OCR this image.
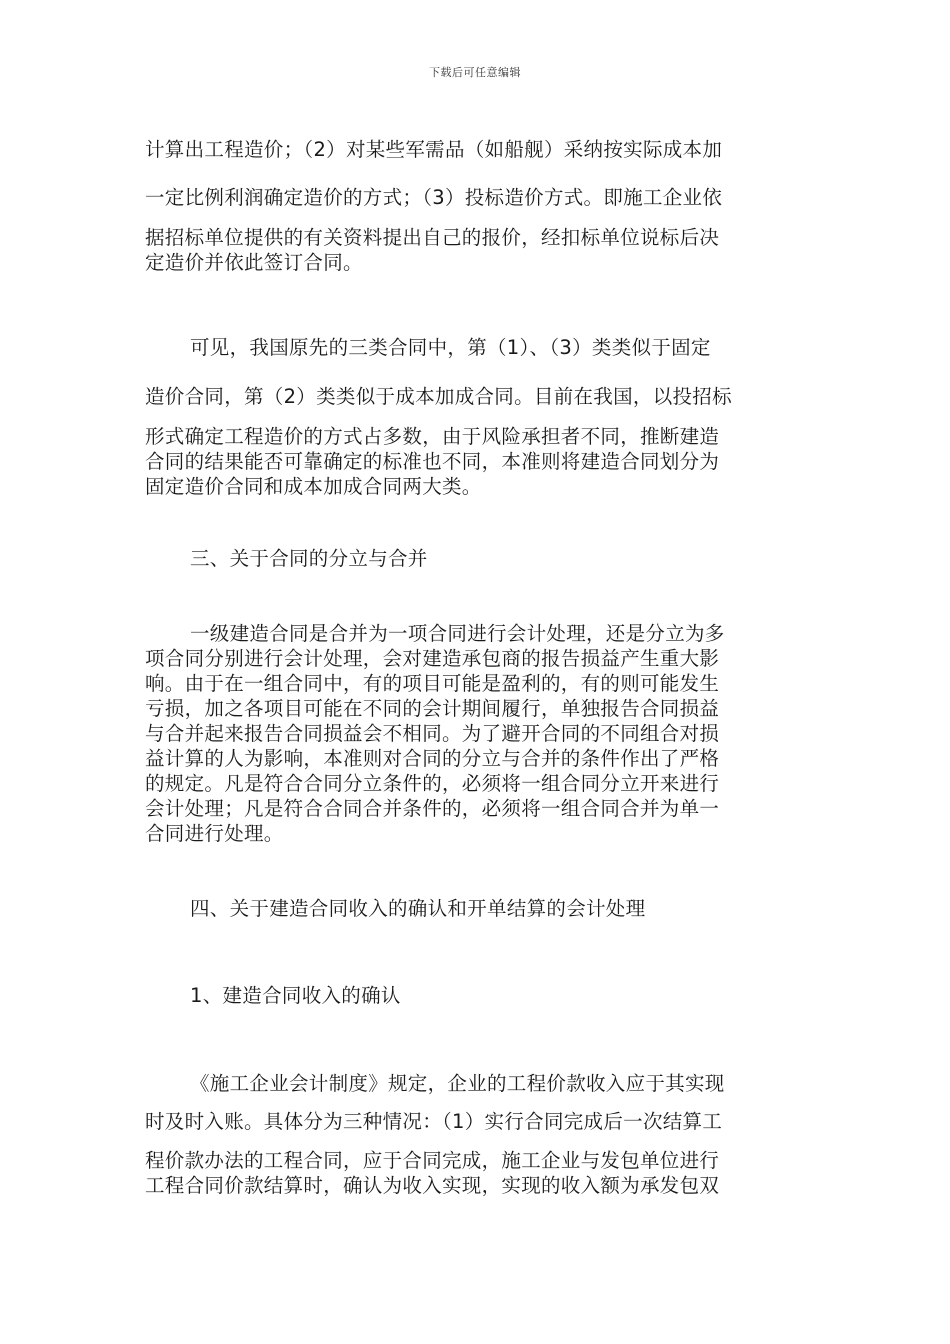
下载后可任意编辑
计算出工程造价；（2）对某些军需品（如船舰）采纳按实际成本加
一定比例利润确定造价的方式；（3）投标造价方式。即施工企业依
据招标单位提供的有关资料提出自己的报价，经扣标单位说标后决
定造价并依此签订合同。
可见，我国原先的三类合同中，第（1）、（3）类类似于固定
造价合同，第（2）类类似于成本加成合同。目前在我国，以投招标
形式确定工程造价的方式占多数，由于风险承担者不同，推断建造
合同的结果能否可靠确定的标准也不同，本准则将建造合同划分为
固定造价合同和成本加成合同两大类。
三、关于合同的分立与合并
一级建造合同是合并为一项合同进行会计处理，还是分立为多
项合同分别进行会计处理，会对建造承包商的报告损益产生重大影
响。由于在一组合同中，有的项目可能是盈利的，有的则可能发生
亏损，加之各项目可能在不同的会计期间履行，单独报告合同损益
与合并起来报告合同损益会不相同。为了避开合同的不同组合对损
益计算的人为影响，本准则对合同的分立与合并的条件作出了严格
的规定。凡是符合合同分立条件的，必须将一组合同分立开来进行
会计处理；凡是符合合同合并条件的，必须将一组合同合并为单一
合同进行处理。
四、关于建造合同收入的确认和开单结算的会计处理
1、建造合同收入的确认
《施工企业会计制度》规定，企业的工程价款收入应于其实现
时及时入账。具体分为三种情况：（1）实行合同完成后一次结算工
程价款办法的工程合同，应于合同完成，施工企业与发包单位进行
工程合同价款结算时，确认为收入实现，实现的收入额为承发包双
